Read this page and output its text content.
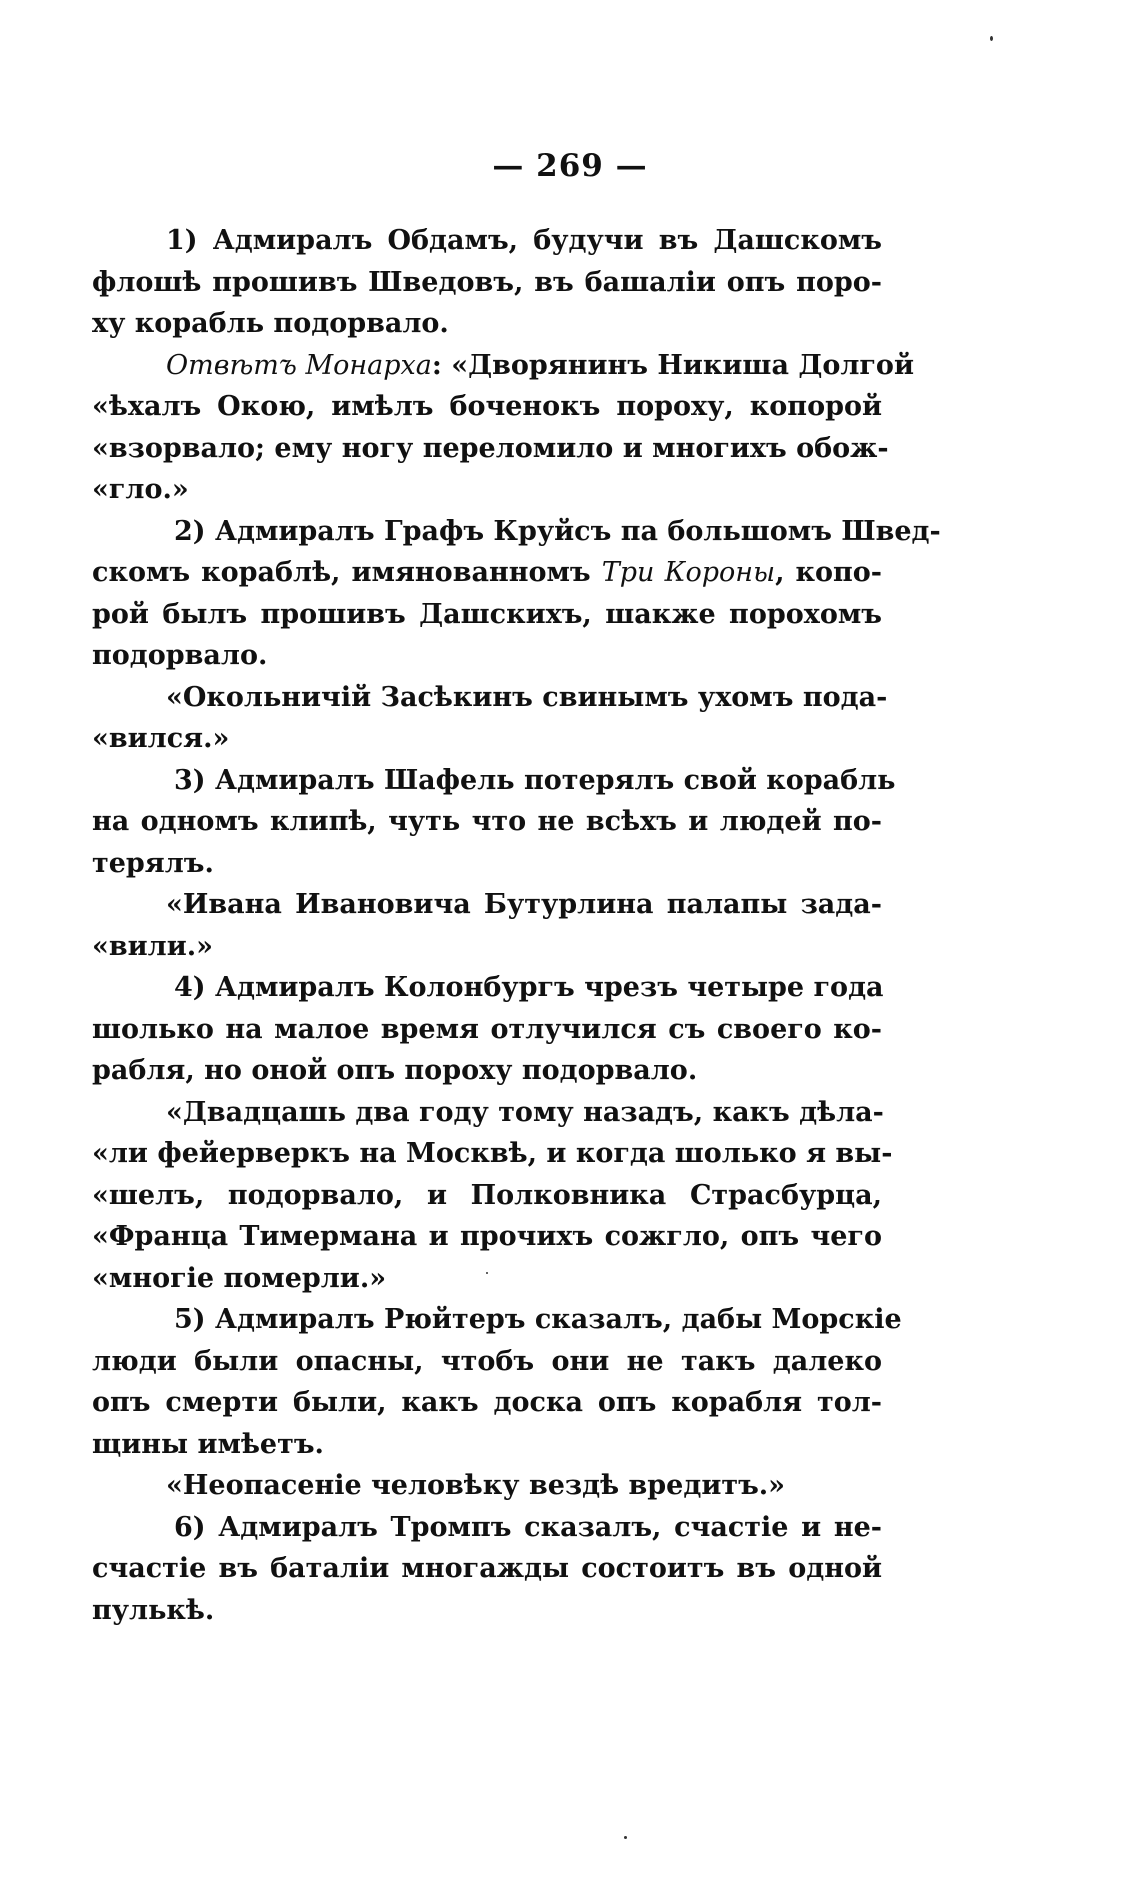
— 269 —
1) Адмиралъ Обдамъ, будучи въ Дашскомъ
флошѣ прошивъ Шведовъ, въ башаліи опъ поро-
ху корабль подорвало.
Отвѣтъ Монарха: «Дворянинъ Никиша Долгой
«ѣхалъ Окою, имѣлъ боченокъ пороху, копорой
«взорвало; ему ногу переломило и многихъ обож-
«гло.»
2) Адмиралъ Графъ Круйсъ па большомъ Швед-
скомъ кораблѣ, имянованномъ Три Короны, копо-
рой былъ прошивъ Дашскихъ, шакже порохомъ
подорвало.
«Окольничій Засѣкинъ свинымъ ухомъ пода-
«вился.»
3) Адмиралъ Шафель потерялъ свой корабль
на одномъ клипѣ, чуть что не всѣхъ и людей по-
терялъ.
«Ивана Ивановича Бутурлина палапы зада-
«вили.»
4) Адмиралъ Колонбургъ чрезъ четыре года
шолько на малое время отлучился съ своего ко-
рабля, но оной опъ пороху подорвало.
«Двадцашь два году тому назадъ, какъ дѣла-
«ли фейерверкъ на Москвѣ, и когда шолько я вы-
«шелъ, подорвало, и Полковника Страсбурца,
«Франца Тимермана и прочихъ сожгло, опъ чего
«многіе померли.»
5) Адмиралъ Рюйтеръ сказалъ, дабы Морскіе
люди были опасны, чтобъ они не такъ далеко
опъ смерти были, какъ доска опъ корабля тол-
щины имѣетъ.
«Неопасеніе человѣку вездѣ вредитъ.»
6) Адмиралъ Тромпъ сказалъ, счастіе и не-
счастіе въ баталіи многажды состоитъ въ одной
пулькѣ.
